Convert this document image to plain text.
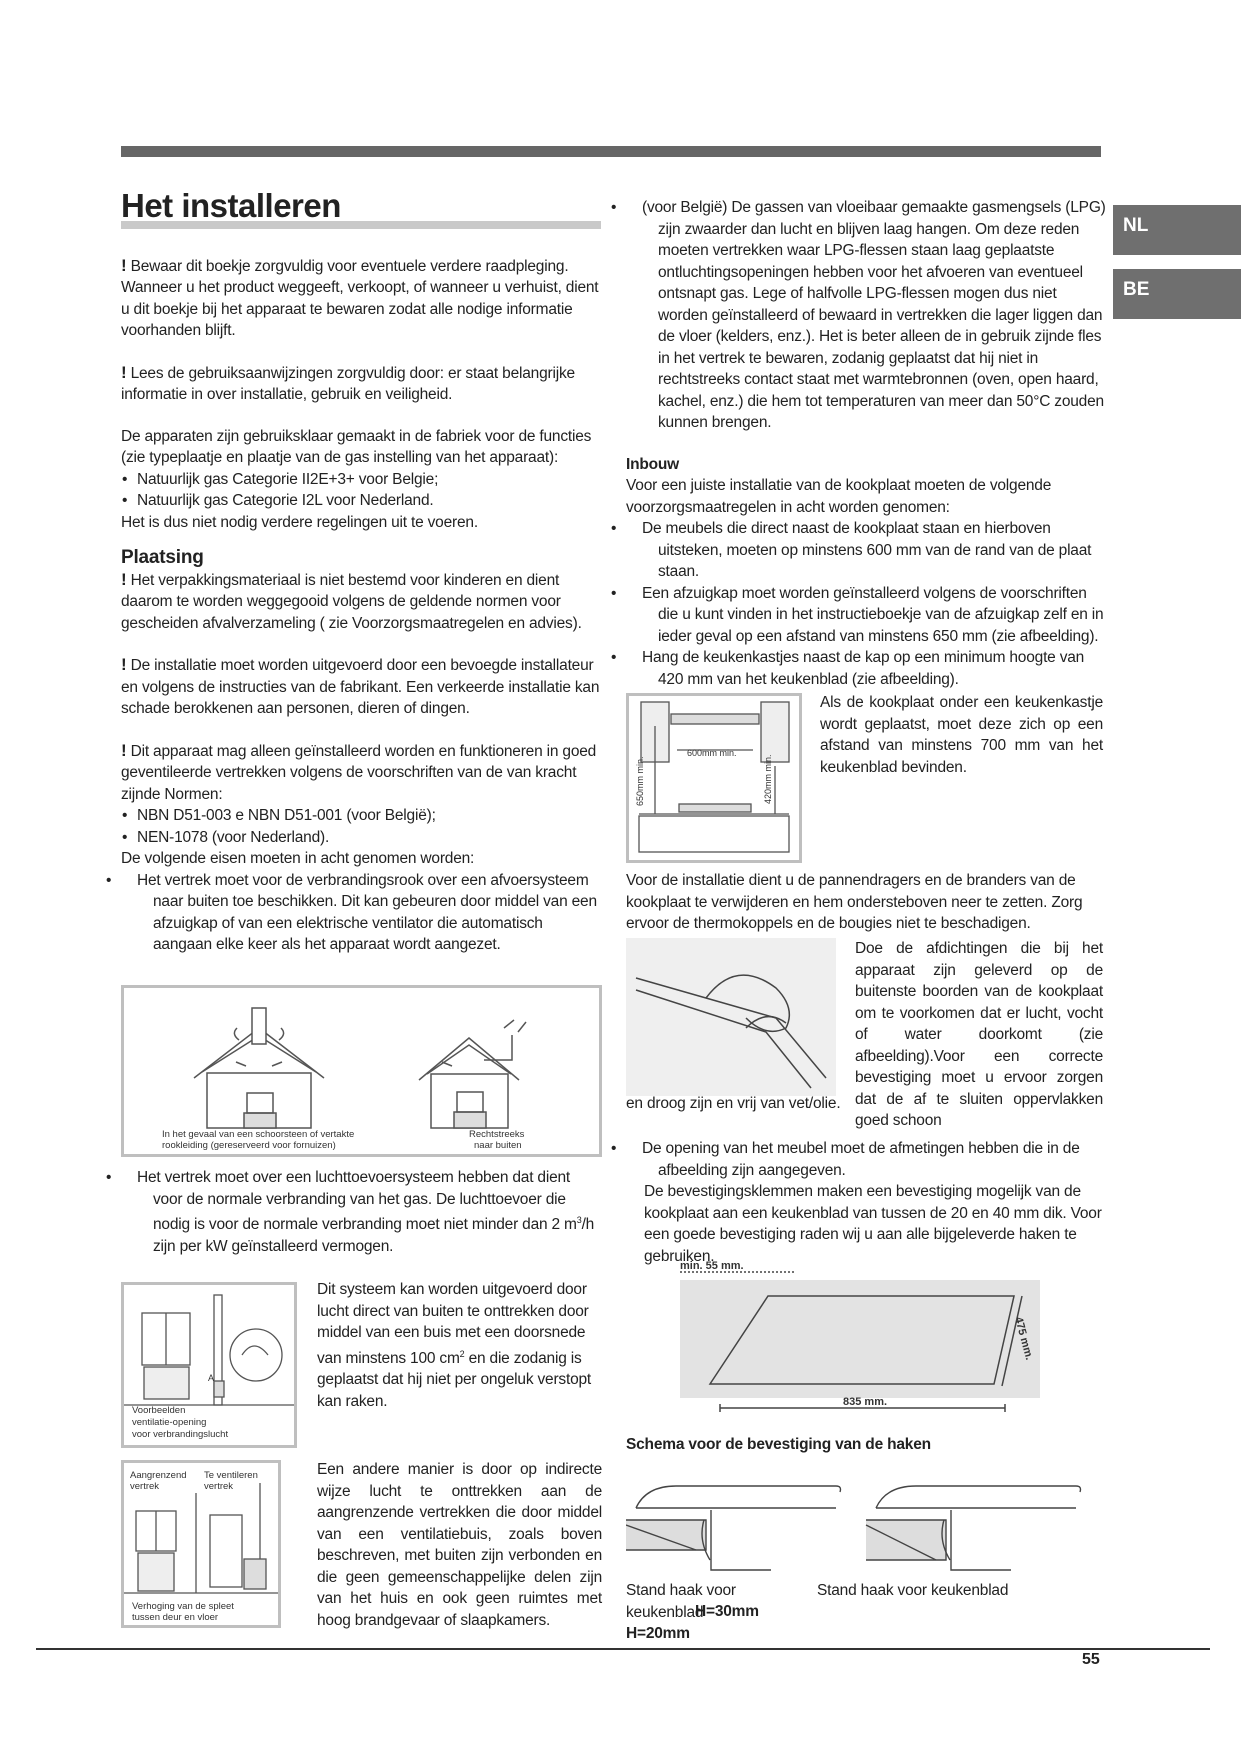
NL
BE
Het installeren

! Bewaar dit boekje zorgvuldig voor eventuele verdere raadpleging. Wanneer u het product weggeeft, verkoopt, of wanneer u verhuist, dient u dit boekje bij het apparaat te bewaren zodat alle nodige informatie voorhanden blijft.

! Lees de gebruiksaanwijzingen zorgvuldig door: er staat belangrijke informatie in over installatie, gebruik en veiligheid.

De apparaten zijn gebruiksklaar gemaakt in de fabriek voor de functies (zie typeplaatje en plaatje van de gas instelling van het apparaat):

• Natuurlijk gas Categorie II2E+3+ voor Belgie;
• Natuurlijk gas Categorie I2L voor Nederland.

Het is dus niet nodig verdere regelingen uit te voeren.

Plaatsing

! Het verpakkingsmateriaal is niet bestemd voor kinderen en dient daarom te worden weggegooid volgens de geldende normen voor gescheiden afvalverzameling ( zie Voorzorgsmaatregelen en advies).

! De installatie moet worden uitgevoerd door een bevoegde installateur en volgens de instructies van de fabrikant. Een verkeerde installatie kan schade berokkenen aan personen, dieren of dingen.

! Dit apparaat mag alleen geïnstalleerd worden en funktioneren in goed geventileerde vertrekken volgens de voorschriften van de van kracht zijnde Normen:

• NBN D51-003 e NBN D51-001 (voor België);
• NEN-1078 (voor Nederland).

De volgende eisen moeten in acht genomen worden:

• Het vertrek moet voor de verbrandingsrook over een afvoersysteem naar buiten toe beschikken. Dit kan gebeuren door middel van een afzuigkap of van een elektrische ventilator die automatisch aangaan elke keer als het apparaat wordt aangezet.
In het gevaal van een schoorsteen of vertakte
rookleiding (gereserveerd voor fornuizen)
Rechtstreeks
naar buiten
• Het vertrek moet over een luchttoevoersysteem hebben dat dient voor de normale verbranding van het gas. De luchttoevoer die nodig is voor de normale verbranding moet niet minder dan 2 $m^3/h$ zijn per kW geïnstalleerd vermogen.
A
Voorbeelden
ventilatie-opening
voor verbrandingslucht

Dit systeem kan worden uitgevoerd door lucht direct van buiten te onttrekken door middel van een buis met een doorsnede van minstens 100 $cm^2$ en die zodanig is geplaatst dat hij niet per ongeluk verstopt kan raken.

Aangrenzend
vertrek
Te ventileren
vertrek
Verhoging van de spleet
tussen deur en vloer

Een andere manier is door op indirecte wijze lucht te onttrekken aan de aangrenzende vertrekken die door middel van een ventilatiebuis, zoals boven beschreven, met buiten zijn verbonden en die geen gemeenschappelijke delen zijn van het huis en ook geen ruimtes met hoog brandgevaar of slaapkamers.

• (voor België) De gassen van vloeibaar gemaakte gasmengsels (LPG) zijn zwaarder dan lucht en blijven laag hangen. Om deze reden moeten vertrekken waar LPG-flessen staan laag geplaatste ontluchtingsopeningen hebben voor het afvoeren van eventueel ontsnapt gas. Lege of halfvolle LPG-flessen mogen dus niet worden geïnstalleerd of bewaard in vertrekken die lager liggen dan de vloer (kelders, enz.). Het is beter alleen de in gebruik zijnde fles in het vertrek te bewaren, zodanig geplaatst dat hij niet in rechtstreeks contact staat met warmtebronnen (oven, open haard, kachel, enz.) die hem tot temperaturen van meer dan 50°C zouden kunnen brengen.
Inbouw

Voor een juiste installatie van de kookplaat moeten de volgende voorzorgsmaatregelen in acht worden genomen:

• De meubels die direct naast de kookplaat staan en hierboven uitsteken, moeten op minstens 600 mm van de rand van de plaat staan.
• Een afzuigkap moet worden geïnstalleerd volgens de voorschriften die u kunt vinden in het instructieboekje van de afzuigkap zelf en in ieder geval op een afstand van minstens 650 mm (zie afbeelding).
• Hang de keukenkastjes naast de kap op een minimum hoogte van 420 mm van het keukenblad (zie afbeelding).
600mm min.
650mm min.	420mm min.

Als de kookplaat onder een keukenkastje wordt geplaatst, moet deze zich op een afstand van minstens 700 mm van het keukenblad bevinden.

Voor de installatie dient u de pannendragers en de branders van de kookplaat te verwijderen en hem ondersteboven neer te zetten. Zorg ervoor de thermokoppels en de bougies niet te beschadigen.

Doe de afdichtingen die bij het apparaat zijn geleverd op de buitenste boorden van de kookplaat om te voorkomen dat er lucht, vocht of water doorkomt (zie afbeelding).Voor een correcte bevestiging moet u ervoor zorgen dat de af te sluiten oppervlakken goed schoon

en droog zijn en vrij van vet/olie.

• De opening van het meubel moet de afmetingen hebben die in de afbeelding zijn aangegeven.

De bevestigingsklemmen maken een bevestiging mogelijk van de kookplaat aan een keukenblad van tussen de 20 en 40 mm dik. Voor een goede bevestiging raden wij u aan alle bijgeleverde haken te gebruiken.

min. 55 mm.
835 mm.
475 mm.

Schema voor de bevestiging van de haken

Stand haak voor keukenblad

H=20mm

Stand haak voor keukenblad

H=30mm

55
